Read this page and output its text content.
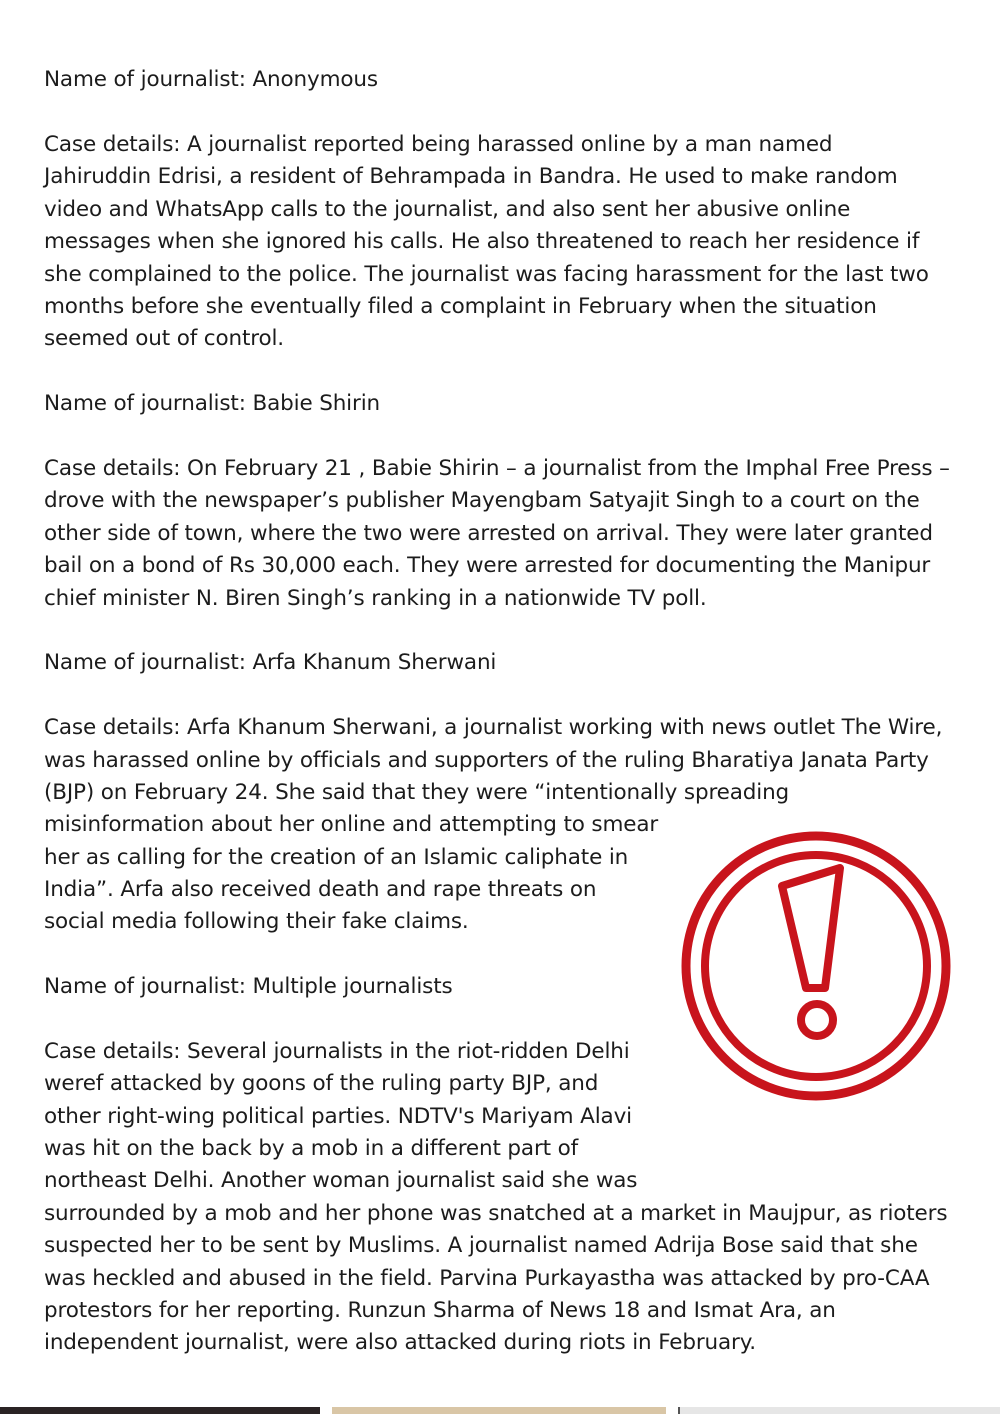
Name of journalist: Anonymous
Case details: A journalist reported being harassed online by a man named
Jahiruddin Edrisi, a resident of Behrampada in Bandra. He used to make random
video and WhatsApp calls to the journalist, and also sent her abusive online
messages when she ignored his calls. He also threatened to reach her residence if
she complained to the police. The journalist was facing harassment for the last two
months before she eventually filed a complaint in February when the situation
seemed out of control.
Name of journalist: Babie Shirin
Case details: On February 21 , Babie Shirin – a journalist from the Imphal Free Press –
drove with the newspaper’s publisher Mayengbam Satyajit Singh to a court on the
other side of town, where the two were arrested on arrival. They were later granted
bail on a bond of Rs 30,000 each. They were arrested for documenting the Manipur
chief minister N. Biren Singh’s ranking in a nationwide TV poll.
Name of journalist: Arfa Khanum Sherwani
Case details: Arfa Khanum Sherwani, a journalist working with news outlet The Wire,
was harassed online by officials and supporters of the ruling Bharatiya Janata Party
(BJP) on February 24. She said that they were “intentionally spreading
misinformation about her online and attempting to smear
her as calling for the creation of an Islamic caliphate in
India”. Arfa also received death and rape threats on
social media following their fake claims.
Name of journalist: Multiple journalists
Case details: Several journalists in the riot-ridden Delhi
weref attacked by goons of the ruling party BJP, and
other right-wing political parties. NDTV's Mariyam Alavi
was hit on the back by a mob in a different part of
northeast Delhi. Another woman journalist said she was
surrounded by a mob and her phone was snatched at a market in Maujpur, as rioters
suspected her to be sent by Muslims. A journalist named Adrija Bose said that she
was heckled and abused in the field. Parvina Purkayastha was attacked by pro-CAA
protestors for her reporting. Runzun Sharma of News 18 and Ismat Ara, an
independent journalist, were also attacked during riots in February.
